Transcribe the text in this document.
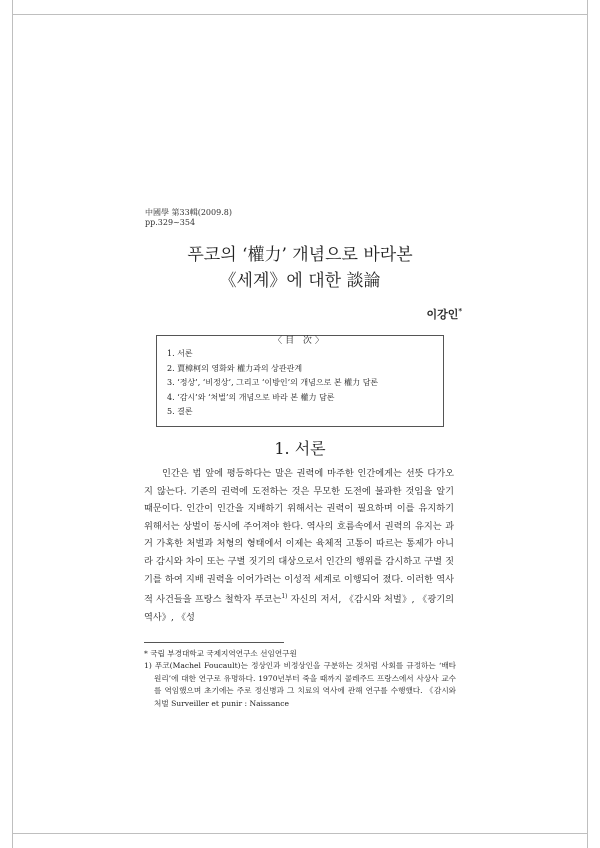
中國學 第33輯(2009.8)
pp.329~354
푸코의 ‘權力’ 개념으로 바라본
《세계》에 대한 談論
이강인*
〈目 次〉
1. 서론
2. 賈樟柯의 영화와 權力과의 상관관계
3. ‘정상’, ‘비정상’, 그리고 ‘이방인’의 개념으로 본 權力 담론
4. ‘감시’와 ‘처벌’의 개념으로 바라 본 權力 담론
5. 결론
1. 서론

인간은 법 앞에 평등하다는 말은 권력에 마주한 인간에게는 선뜻 다가오지 않는다. 기존의 권력에 도전하는 것은 무모한 도전에 불과한 것임을 알기 때문이다. 인간이 인간을 지배하기 위해서는 권력이 필요하며 이를 유지하기 위해서는 상벌이 동시에 주어져야 한다. 역사의 흐름속에서 권력의 유지는 과거 가혹한 처벌과 처형의 형태에서 이제는 육체적 고통이 따르는 통제가 아니라 감시와 차이 또는 구별 짓기의 대상으로서 인간의 행위를 감시하고 구별 짓기를 하여 지배 권력을 이어가려는 이성적 세계로 이행되어 졌다. 이러한 역사적 사건들을 프랑스 철학자 푸코는$^{1)}$ 자신의 저서, 《감시와 처벌》, 《광기의 역사》, 《성

* 국립 부경대학교 국제지역연구소 선임연구원

1) 푸코(Machel Foucault)는 정상인과 비정상인을 구분하는 것처럼 사회를 규정하는 ‘배타 원리’에 대한 연구로 유명하다. 1970년부터 죽을 때까지 콜레주드 프랑스에서 사상사 교수를 역임했으며 초기에는 주로 정신병과 그 치료의 역사에 관해 연구를 수행했다. 《감시와 처벌 Surveiller et punir : Naissance
